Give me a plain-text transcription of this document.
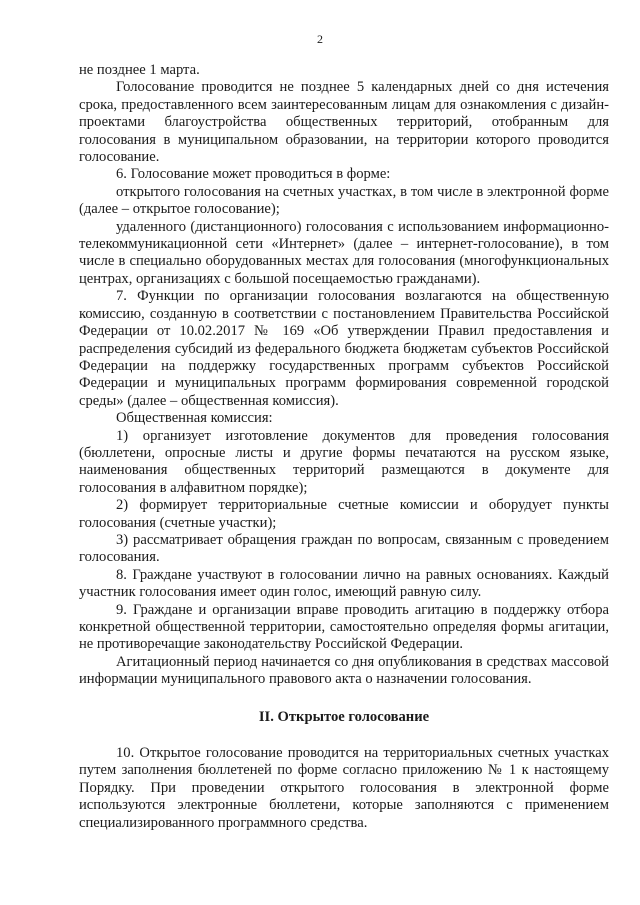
2

не позднее 1 марта.

Голосование проводится не позднее 5 календарных дней со дня истечения срока, предоставленного всем заинтересованным лицам для ознакомления с дизайн-проектами благоустройства общественных территорий, отобранным для голосования в муниципальном образовании, на территории которого проводится голосование.

6. Голосование может проводиться в форме:

открытого голосования на счетных участках, в том числе в электронной форме (далее – открытое голосование);

удаленного (дистанционного) голосования с использованием информационно-телекоммуникационной сети «Интернет» (далее – интернет-голосование), в том числе в специально оборудованных местах для голосования (многофункциональных центрах, организациях с большой посещаемостью гражданами).

7. Функции по организации голосования возлагаются на общественную комиссию, созданную в соответствии с постановлением Правительства Российской Федерации от 10.02.2017 № 169 «Об утверждении Правил предоставления и распределения субсидий из федерального бюджета бюджетам субъектов Российской Федерации на поддержку государственных программ субъектов Российской Федерации и муниципальных программ формирования современной городской среды» (далее – общественная комиссия).

Общественная комиссия:

1) организует изготовление документов для проведения голосования (бюллетени, опросные листы и другие формы печатаются на русском языке, наименования общественных территорий размещаются в документе для голосования в алфавитном порядке);

2) формирует территориальные счетные комиссии и оборудует пункты голосования (счетные участки);

3) рассматривает обращения граждан по вопросам, связанным с проведением голосования.

8. Граждане участвуют в голосовании лично на равных основаниях. Каждый участник голосования имеет один голос, имеющий равную силу.

9. Граждане и организации вправе проводить агитацию в поддержку отбора конкретной общественной территории, самостоятельно определяя формы агитации, не противоречащие законодательству Российской Федерации.

Агитационный период начинается со дня опубликования в средствах массовой информации муниципального правового акта о назначении голосования.

II. Открытое голосование

10. Открытое голосование проводится на территориальных счетных участках путем заполнения бюллетеней по форме согласно приложению № 1 к настоящему Порядку. При проведении открытого голосования в электронной форме используются электронные бюллетени, которые заполняются с применением специализированного программного средства.
